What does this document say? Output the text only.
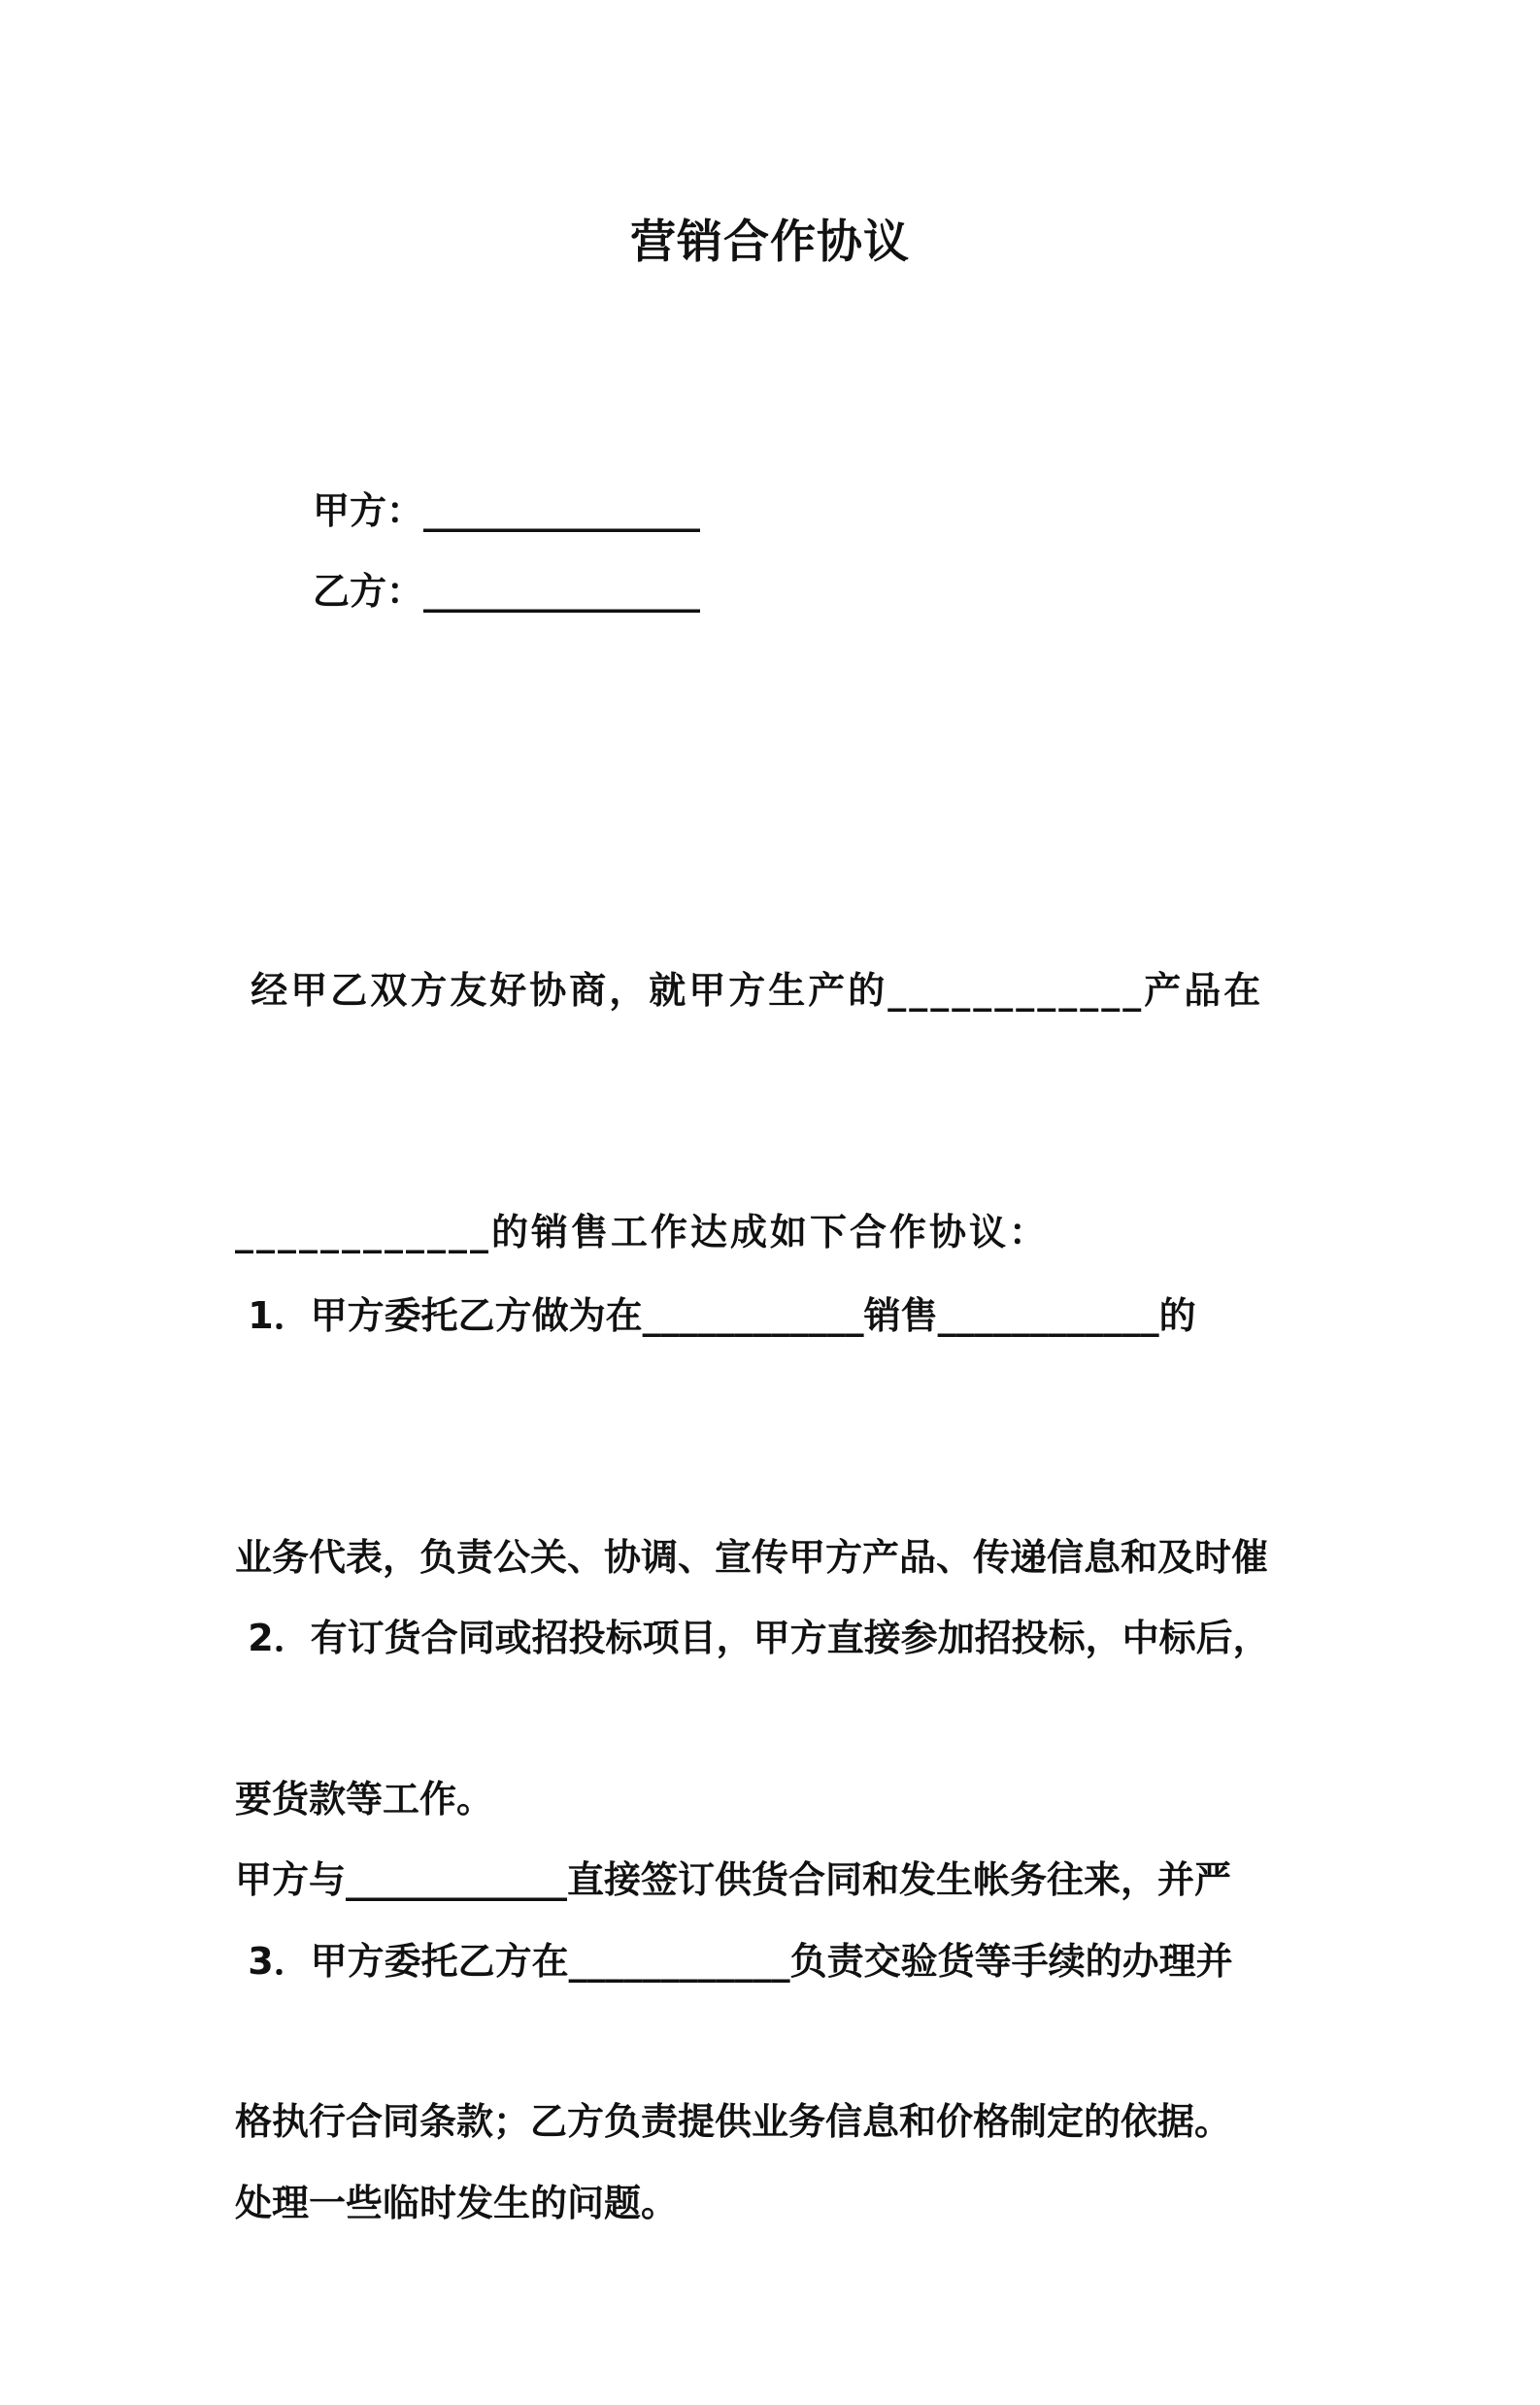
营销合作协议
甲方：_______________
乙方：_______________

经甲乙双方友好协商，就甲方生产的____________产品在

____________的销售工作达成如下合作协议：

1．甲方委托乙方做为在____________销售____________的

业务代表，负责公关、协调、宣传甲方产品、传递信息和及时催

要货款等工作。

2．有订货合同或招投标项目，甲方直接参加招投标，中标后，

甲方与____________直接签订供货合同和发生帐务往来，并严

格执行合同条款；乙方负责提供业务信息和价格制定的依据。

3．甲方委托乙方在____________负责交验货等手续的办理并

处理一些临时发生的问题。
